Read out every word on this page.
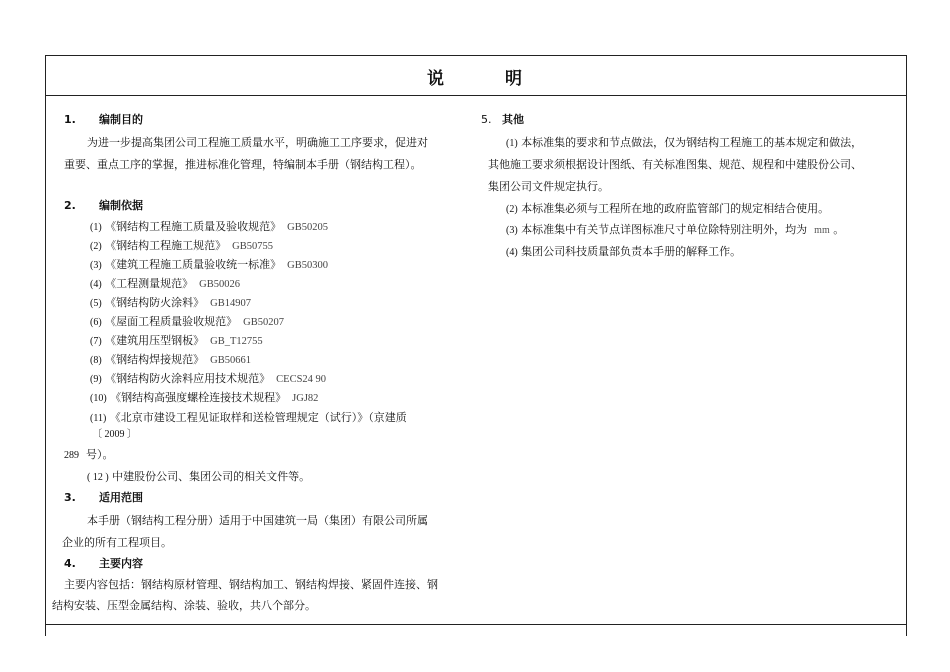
说	明
1. 编制目的
为进一步提高集团公司工程施工质量水平，明确施工工序要求，促进对
重要、重点工序的掌握，推进标准化管理，特编制本手册（钢结构工程）。
2. 编制依据
(1) 《钢结构工程施工质量及验收规范》 GB50205
(2) 《钢结构工程施工规范》 GB50755
(3) 《建筑工程施工质量验收统一标准》 GB50300
(4) 《工程测量规范》 GB50026
(5) 《钢结构防火涂料》 GB14907
(6) 《屋面工程质量验收规范》 GB50207
(7) 《建筑用压型钢板》 GB_T12755
(8) 《钢结构焊接规范》 GB50661
(9) 《钢结构防火涂料应用技术规范》 CECS24 90
(10) 《钢结构高强度螺栓连接技术规程》 JGJ82
(11) 《北京市建设工程见证取样和送检管理规定（试行）》（京建质
〔 2009 〕
289 号）。
( 12 ) 中建股份公司、集团公司的相关文件等。
3. 适用范围
本手册（钢结构工程分册）适用于中国建筑一局（集团）有限公司所属
企业的所有工程项目。
4. 主要内容
主要内容包括：钢结构原材管理、钢结构加工、钢结构焊接、紧固件连接、钢
结构安装、压型金属结构、涂装、验收，共八个部分。
5. 其他
(1) 本标准集的要求和节点做法，仅为钢结构工程施工的基本规定和做法，
其他施工要求须根据设计图纸、有关标准图集、规范、规程和中建股份公司、
集团公司文件规定执行。
(2) 本标准集必须与工程所在地的政府监管部门的规定相结合使用。
(3) 本标准集中有关节点详图标准尺寸单位除特别注明外，均为 mm 。
(4) 集团公司科技质量部负责本手册的解释工作。
